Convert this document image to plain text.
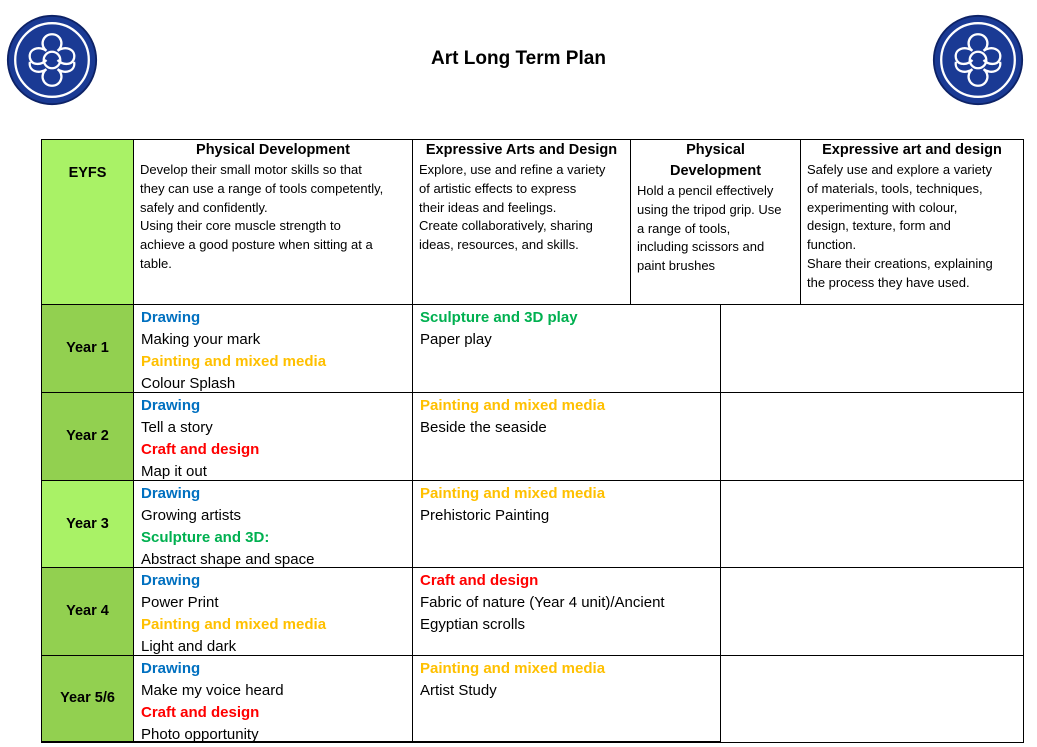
Art Long Term Plan
EYFS
Physical Development
Develop their small motor skills so that
they can use a range of tools competently,
safely and confidently.
Using their core muscle strength to
achieve a good posture when sitting at a
table.
Expressive Arts and Design
Explore, use and refine a variety
of artistic effects to express
their ideas and feelings.
Create collaboratively, sharing
ideas, resources, and skills.
Physical
Development
Hold a pencil effectively
using the tripod grip. Use
a range of tools,
including scissors and
paint brushes
Expressive art and design
Safely use and explore a variety
of materials, tools, techniques,
experimenting with colour,
design, texture, form and
function.
Share their creations, explaining
the process they have used.
Year 1
Drawing
Making your mark
Painting and mixed media
Colour Splash
Sculpture and 3D play
Paper play
Year 2
Drawing
Tell a story
Craft and design
Map it out
Painting and mixed media
Beside the seaside
Year 3
Drawing
Growing artists
Sculpture and 3D:
Abstract shape and space
Painting and mixed media
Prehistoric Painting
Year 4
Drawing
Power Print
Painting and mixed media
Light and dark
Craft and design
Fabric of nature (Year 4 unit)/Ancient
Egyptian scrolls
Year 5/6
Drawing
Make my voice heard
Craft and design
Photo opportunity
Painting and mixed media
Artist Study
